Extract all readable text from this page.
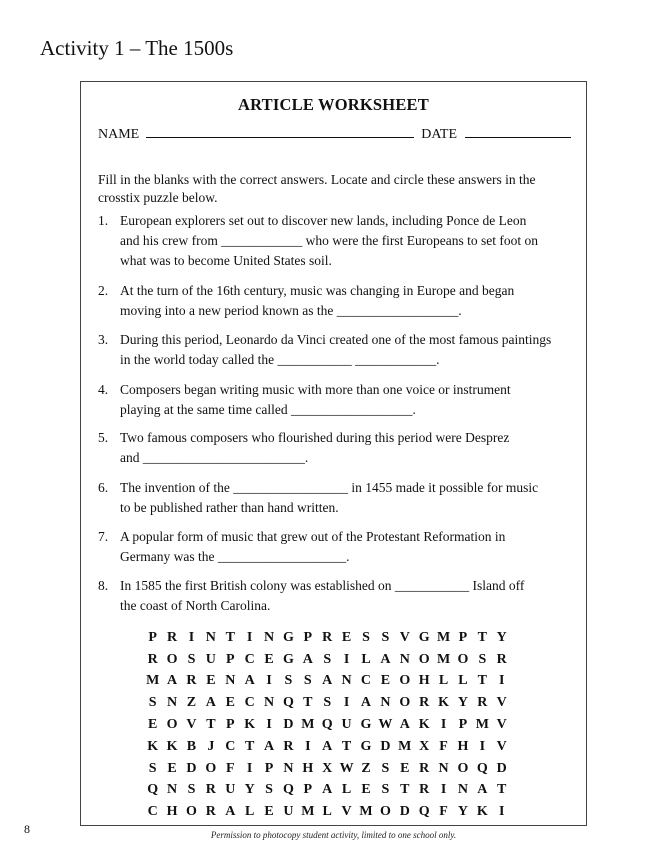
Activity 1 – The 1500s
ARTICLE WORKSHEET
NAME	DATE
Fill in the blanks with the correct answers. Locate and circle these answers in the crosstix puzzle below.
1. European explorers set out to discover new lands, including Ponce de Leon
and his crew from ____________ who were the first Europeans to set foot on
what was to become United States soil.
2. At the turn of the 16th century, music was changing in Europe and began
moving into a new period known as the __________________.
3. During this period, Leonardo da Vinci created one of the most famous paintings
in the world today called the ___________ ____________.
4. Composers began writing music with more than one voice or instrument
playing at the same time called __________________.
5. Two famous composers who flourished during this period were Desprez
and ________________________.
6. The invention of the _________________ in 1455 made it possible for music
to be published rather than hand written.
7. A popular form of music that grew out of the Protestant Reformation in
Germany was the ___________________.
8. In 1585 the first British colony was established on ___________ Island off
the coast of North Carolina.
P R I N T I N G P R E S S V G M P T Y
R O S U P C E G A S I L A N O M O S R
M A R E N A I S S A N C E O H L L T I
S N Z A E C N Q T S I A N O R K Y R V
E O V T P K I D M Q U G W A K I P M V
K K B J C T A R I A T G D M X F H I V
S E D O F I P N H X W Z S E R N O Q D
Q N S R U Y S Q P A L E S T R I N A T
C H O R A L E U M L V M O D Q F Y K I
8	Permission to photocopy student activity, limited to one school only.
